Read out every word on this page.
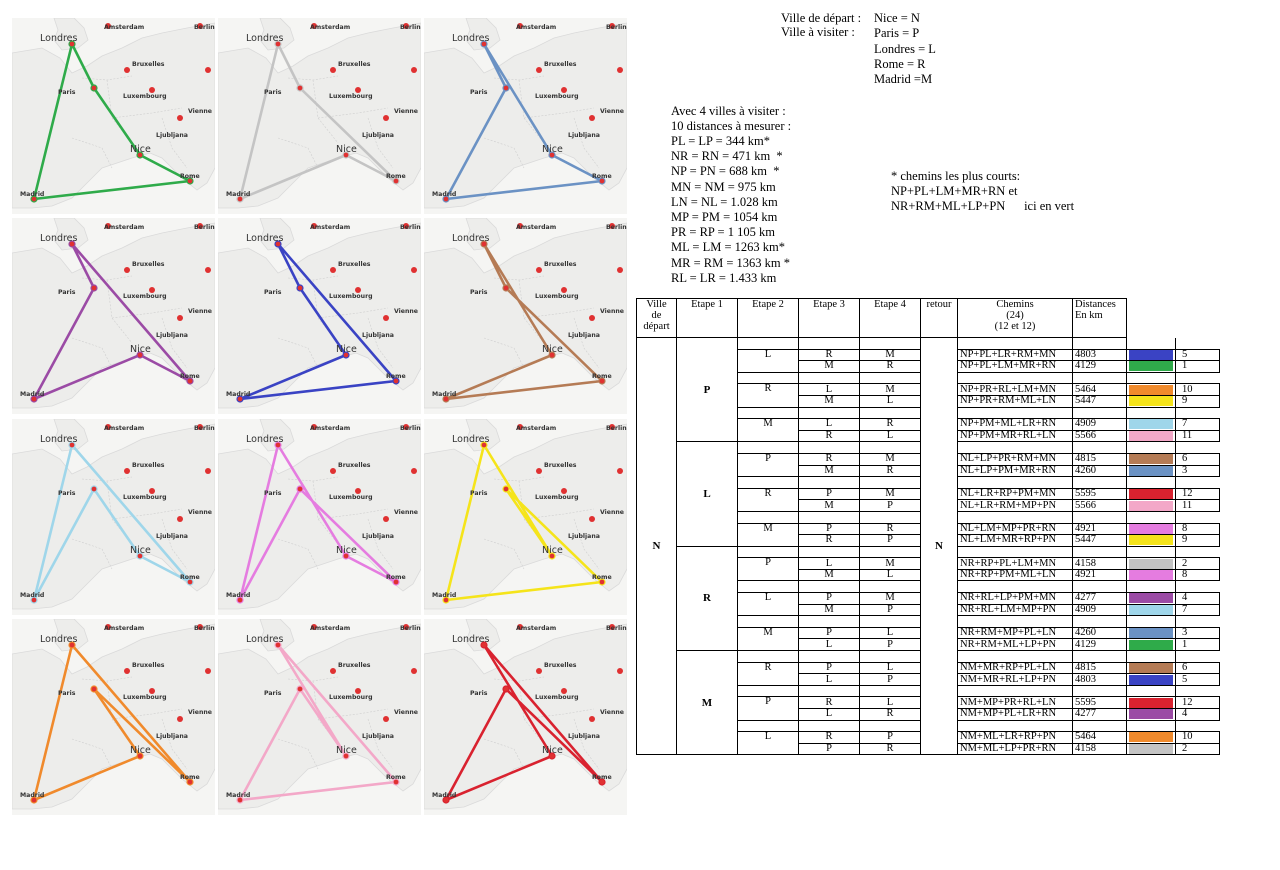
Amsterdam	Berlin
Londres
Bruxelles
Paris
Luxembourg
Vienne
Ljubljana
Nice
Rome
Madrid
Amsterdam	Berlin
Londres
Bruxelles
Paris
Luxembourg
Vienne
Ljubljana
Nice
Rome
Madrid
Amsterdam	Berlin
Londres
Bruxelles
Paris
Luxembourg
Vienne
Ljubljana
Nice
Rome
Madrid
Amsterdam	Berlin
Londres
Bruxelles
Paris
Luxembourg
Vienne
Ljubljana
Nice
Rome
Madrid
Amsterdam	Berlin
Londres
Bruxelles
Paris
Luxembourg
Vienne
Ljubljana
Nice
Rome
Madrid
Amsterdam	Berlin
Londres
Bruxelles
Paris
Luxembourg
Vienne
Ljubljana
Nice
Rome
Madrid
Amsterdam	Berlin
Londres
Bruxelles
Paris
Luxembourg
Vienne
Ljubljana
Nice
Rome
Madrid
Amsterdam	Berlin
Londres
Bruxelles
Paris
Luxembourg
Vienne
Ljubljana
Nice
Rome
Madrid
Amsterdam	Berlin
Londres
Bruxelles
Paris
Luxembourg
Vienne
Ljubljana
Nice
Rome
Madrid
Amsterdam	Berlin
Londres
Bruxelles
Paris
Luxembourg
Vienne
Ljubljana
Nice
Rome
Madrid
Amsterdam	Berlin
Londres
Bruxelles
Paris
Luxembourg
Vienne
Ljubljana
Nice
Rome
Madrid
Amsterdam	Berlin
Londres
Bruxelles
Paris
Luxembourg
Vienne
Ljubljana
Nice
Rome
Madrid
Ville de départ :
Ville à visiter :
Nice = N
Paris = P
Londres = L
Rome = R
Madrid =M
Avec 4 villes à visiter :
10 distances à mesurer :
PL = LP = 344 km*
NR = RN = 471 km  *
NP = PN = 688 km  *
MN = NM = 975 km
LN = NL = 1.028 km
MP = PM = 1054 km
PR = RP = 1 105 km
ML = LM = 1263 km*
MR = RM = 1363 km *
RL = LR = 1.433 km
* chemins les plus courts:
NP+PL+LM+MR+RN et
NR+RM+ML+LP+PN      ici en vert
Ville
de
départ	Etape 1	Etape 2	Etape 3	Etape 4	retour	Chemins
(24)
(12 et 12)	Distances
En km		
N	P				N				
		L	R	M		NP+PL+LR+RM+MN	4803		5
			M	R		NP+PL+LM+MR+RN	4129		1

		R	L	M		NP+PR+RL+LM+MN	5464		10
			M	L		NP+PR+RM+ML+LN	5447		9

		M	L	R		NP+PM+ML+LR+RN	4909		7
			R	L		NP+PM+MR+RL+LN	5566		11
	L								
		P	R	M		NL+LP+PR+RM+MN	4815		6
			M	R		NL+LP+PM+MR+RN	4260		3

		R	P	M		NL+LR+RP+PM+MN	5595		12
			M	P		NL+LR+RM+MP+PN	5566		11

		M	P	R		NL+LM+MP+PR+RN	4921		8
			R	P		NL+LM+MR+RP+PN	5447		9
	R								
		P	L	M		NR+RP+PL+LM+MN	4158		2
			M	L		NR+RP+PM+ML+LN	4921		8

		L	P	M		NR+RL+LP+PM+MN	4277		4
			M	P		NR+RL+LM+MP+PN	4909		7

		M	P	L		NR+RM+MP+PL+LN	4260		3
			L	P		NR+RM+ML+LP+PN	4129		1
	M								
		R	P	L		NM+MR+RP+PL+LN	4815		6
			L	P		NM+MR+RL+LP+PN	4803		5

		P	R	L		NM+MP+PR+RL+LN	5595		12
			L	R		NM+MP+PL+LR+RN	4277		4

		L	R	P		NM+ML+LR+RP+PN	5464		10
			P	R		NM+ML+LP+PR+RN	4158		2
